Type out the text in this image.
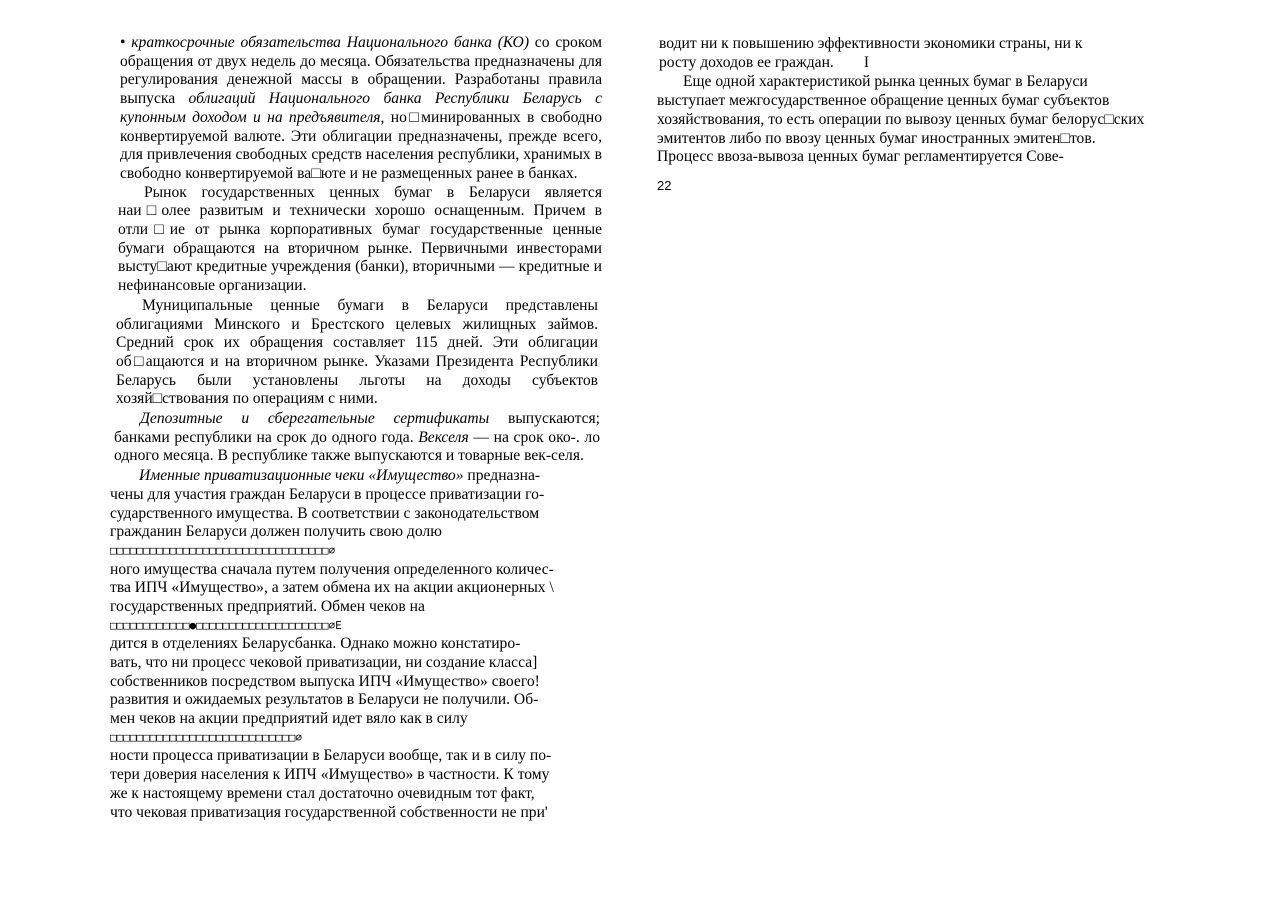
• краткосрочные обязательства Национального банка (КО) со сроком обращения от двух недель до месяца. Обязательства предназначены для регулирования денежной массы в обращении. Разработаны правила выпуска облигаций Национального банка Республики Беларусь с купонным доходом и на предъявителя, но□минированных в свободно конвертируемой валюте. Эти облигации предназначены, прежде всего, для привлечения свободных средств населения республики, хранимых в свободно конвертируемой ва□юте и не размещенных ранее в банках.

Рынок государственных ценных бумаг в Беларуси является наи□олее развитым и технически хорошо оснащенным. Причем в отли□ие от рынка корпоративных бумаг государственные ценные бумаги обращаются на вторичном рынке. Первичными инвесторами высту□ают кредитные учреждения (банки), вторичными — кредитные и нефинансовые организации.

Муниципальные ценные бумаги в Беларуси представлены облигациями Минского и Брестского целевых жилищных займов. Средний срок их обращения составляет 115 дней. Эти облигации об□ащаются и на вторичном рынке. Указами Президента Республики Беларусь были установлены льготы на доходы субъектов хозяй□ствования по операциям с ними.

Депозитные и сберегательные сертификаты выпускаются; банками республики на срок до одного года. Векселя — на срок око-. ло одного месяца. В республике также выпускаются и товарные век-селя.

Именные приватизационные чеки «Имущество» предназна-
чены для участия граждан Беларуси в процессе приватизации го-
сударственного имущества. В соответствии с законодательством
гражданин Беларуси должен получить свою долю
□□□□□□□□□□□□□□□□□□□□□□□□□□□□□□□□□∅
ного имущества сначала путем получения определенного количес-
тва ИПЧ «Имущество», а затем обмена их на акции акционерных \
государственных предприятий. Обмен чеков на
□□□□□□□□□□□□●□□□□□□□□□□□□□□□□□□□□∅E
дится в отделениях Беларусбанка. Однако можно констатиро-
вать, что ни процесс чековой приватизации, ни создание класса]
собственников посредством выпуска ИПЧ «Имущество» своего!
развития и ожидаемых результатов в Беларуси не получили. Об-
мен чеков на акции предприятий идет вяло как в силу
□□□□□□□□□□□□□□□□□□□□□□□□□□□□∅
ности процесса приватизации в Беларуси вообще, так и в силу по-
тери доверия населения к ИПЧ «Имущество» в частности. К тому
же к настоящему времени стал достаточно очевидным тот факт,
что чековая приватизация государственной собственности не при'

водит ни к повышению эффективности экономики страны, ни к
росту доходов ее граждан. I

Еще одной характеристикой рынка ценных бумаг в Беларуси выступает межгосударственное обращение ценных бумаг субъектов хозяйствования, то есть операции по вывозу ценных бумаг белорус□ских эмитентов либо по ввозу ценных бумаг иностранных эмитен□тов. Процесс ввоза-вывоза ценных бумаг регламентируется Сове-

22
